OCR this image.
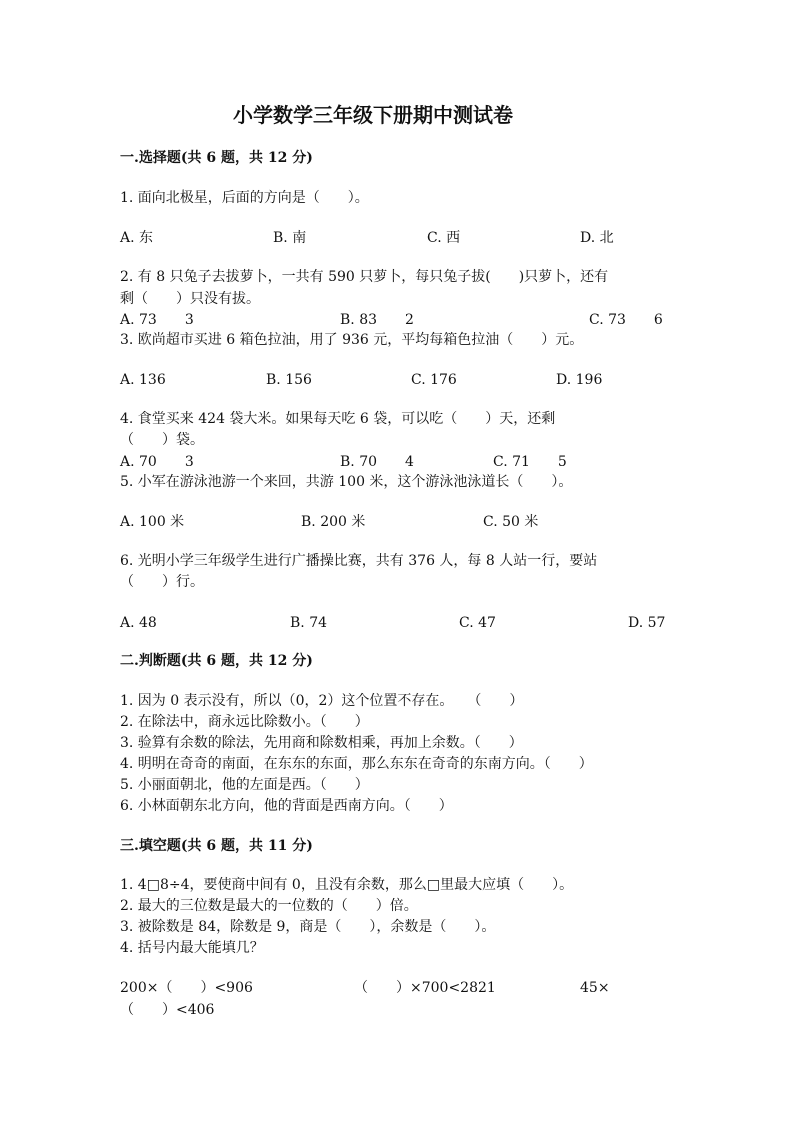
小学数学三年级下册期中测试卷
一.选择题(共 6 题，共 12 分)
1. 面向北极星，后面的方向是（　　）。
A. 东	B. 南	C. 西	D. 北
2. 有 8 只兔子去拔萝卜，一共有 590 只萝卜，每只兔子拔(　　)只萝卜，还有
剩（　　）只没有拔。
A. 73　　3	B. 83　　2	C. 73　　6
3. 欧尚超市买进 6 箱色拉油，用了 936 元，平均每箱色拉油（　　）元。
A. 136	B. 156	C. 176	D. 196
4. 食堂买来 424 袋大米。如果每天吃 6 袋，可以吃（　　）天，还剩
（　　）袋。
A. 70　　3	B. 70　　4	C. 71　　5
5. 小军在游泳池游一个来回，共游 100 米，这个游泳池泳道长（　　）。
A. 100 米	B. 200 米	C. 50 米
6. 光明小学三年级学生进行广播操比赛，共有 376 人，每 8 人站一行，要站
（　　）行。
A. 48	B. 74	C. 47	D. 57
二.判断题(共 6 题，共 12 分)
1. 因为 0 表示没有，所以（0，2）这个位置不存在。　　（　　）
2. 在除法中，商永远比除数小。（　　）
3. 验算有余数的除法，先用商和除数相乘，再加上余数。（　　）
4. 明明在奇奇的南面，在东东的东面，那么东东在奇奇的东南方向。（　　）
5. 小丽面朝北，他的左面是西。（　　）
6. 小林面朝东北方向，他的背面是西南方向。（　　）
三.填空题(共 6 题，共 11 分)
1. 4□8÷4，要使商中间有 0，且没有余数，那么□里最大应填（　　）。
2. 最大的三位数是最大的一位数的（　　）倍。
3. 被除数是 84，除数是 9，商是（　　），余数是（　　）。
4. 括号内最大能填几？
200×（　　）<906	（　　）×700<2821	45×
（　　）<406
